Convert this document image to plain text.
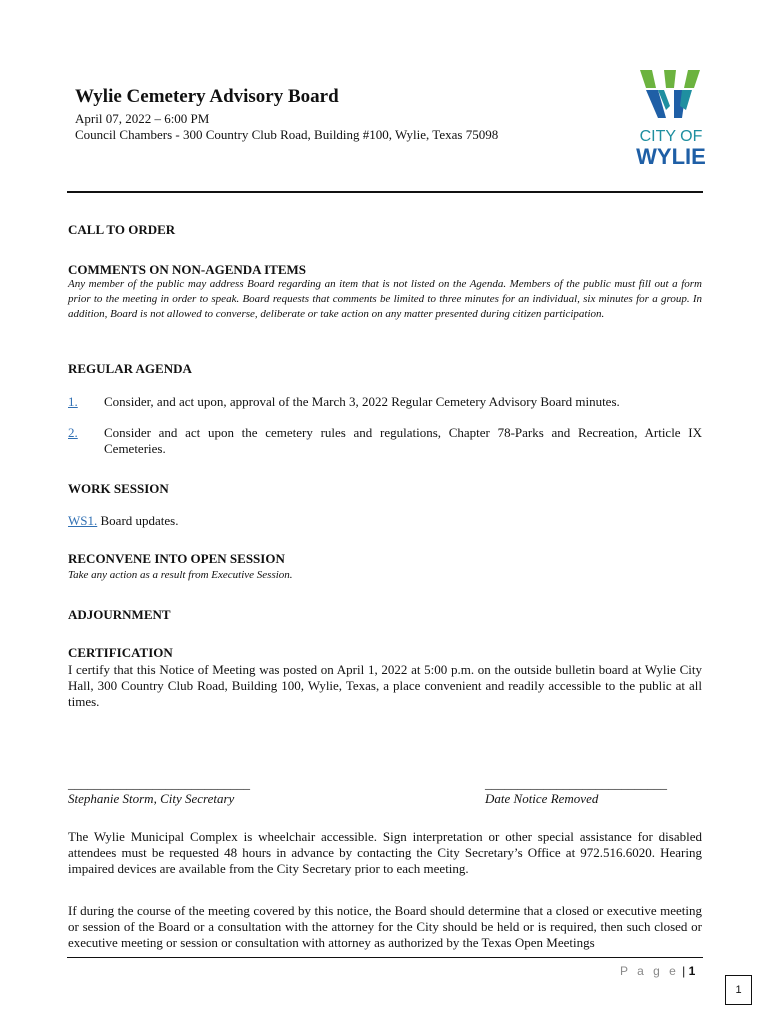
Wylie Cemetery Advisory Board
April 07, 2022 – 6:00 PM
Council Chambers - 300 Country Club Road, Building #100, Wylie, Texas 75098	CITY OF
WYLIE
CALL TO ORDER
COMMENTS ON NON-AGENDA ITEMS
Any member of the public may address Board regarding an item that is not listed on the Agenda. Members of the public must fill out a form prior to the meeting in order to speak. Board requests that comments be limited to three minutes for an individual, six minutes for a group. In addition, Board is not allowed to converse, deliberate or take action on any matter presented during citizen participation.
REGULAR AGENDA
1. Consider, and act upon, approval of the March 3, 2022 Regular Cemetery Advisory Board minutes.
2. Consider and act upon the cemetery rules and regulations, Chapter 78-Parks and Recreation, Article IX Cemeteries.
WORK SESSION
WS1. Board updates.
RECONVENE INTO OPEN SESSION
Take any action as a result from Executive Session.
ADJOURNMENT
CERTIFICATION
I certify that this Notice of Meeting was posted on April 1, 2022 at 5:00 p.m. on the outside bulletin board at Wylie City Hall, 300 Country Club Road, Building 100, Wylie, Texas, a place convenient and readily accessible to the public at all times.
____________________________
Stephanie Storm, City Secretary
____________________________
Date Notice Removed
The Wylie Municipal Complex is wheelchair accessible. Sign interpretation or other special assistance for disabled attendees must be requested 48 hours in advance by contacting the City Secretary’s Office at 972.516.6020. Hearing impaired devices are available from the City Secretary prior to each meeting.
If during the course of the meeting covered by this notice, the Board should determine that a closed or executive meeting or session of the Board or a consultation with the attorney for the City should be held or is required, then such closed or executive meeting or session or consultation with attorney as authorized by the Texas Open Meetings
P a g e | 1
1
